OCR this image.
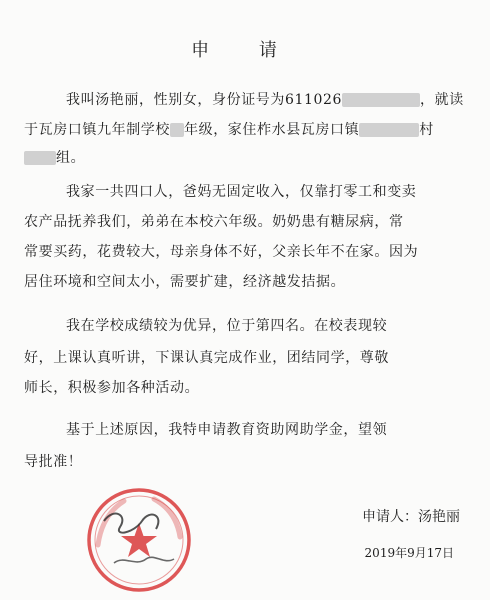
申 请
我叫汤艳丽，性别女，身份证号为611026	，就读
于瓦房口镇九年制学校 年级，家住柞水县瓦房口镇	村
组。
我家一共四口人，爸妈无固定收入，仅靠打零工和变卖
农产品抚养我们，弟弟在本校六年级。奶奶患有糖尿病，常
常要买药，花费较大，母亲身体不好，父亲长年不在家。因为
居住环境和空间太小，需要扩建，经济越发拮据。
我在学校成绩较为优异，位于第四名。在校表现较
好，上课认真听讲，下课认真完成作业，团结同学，尊敬
师长，积极参加各种活动。
基于上述原因，我特申请教育资助网助学金，望领
导批准！
申请人：汤艳丽
2019年9月17日
